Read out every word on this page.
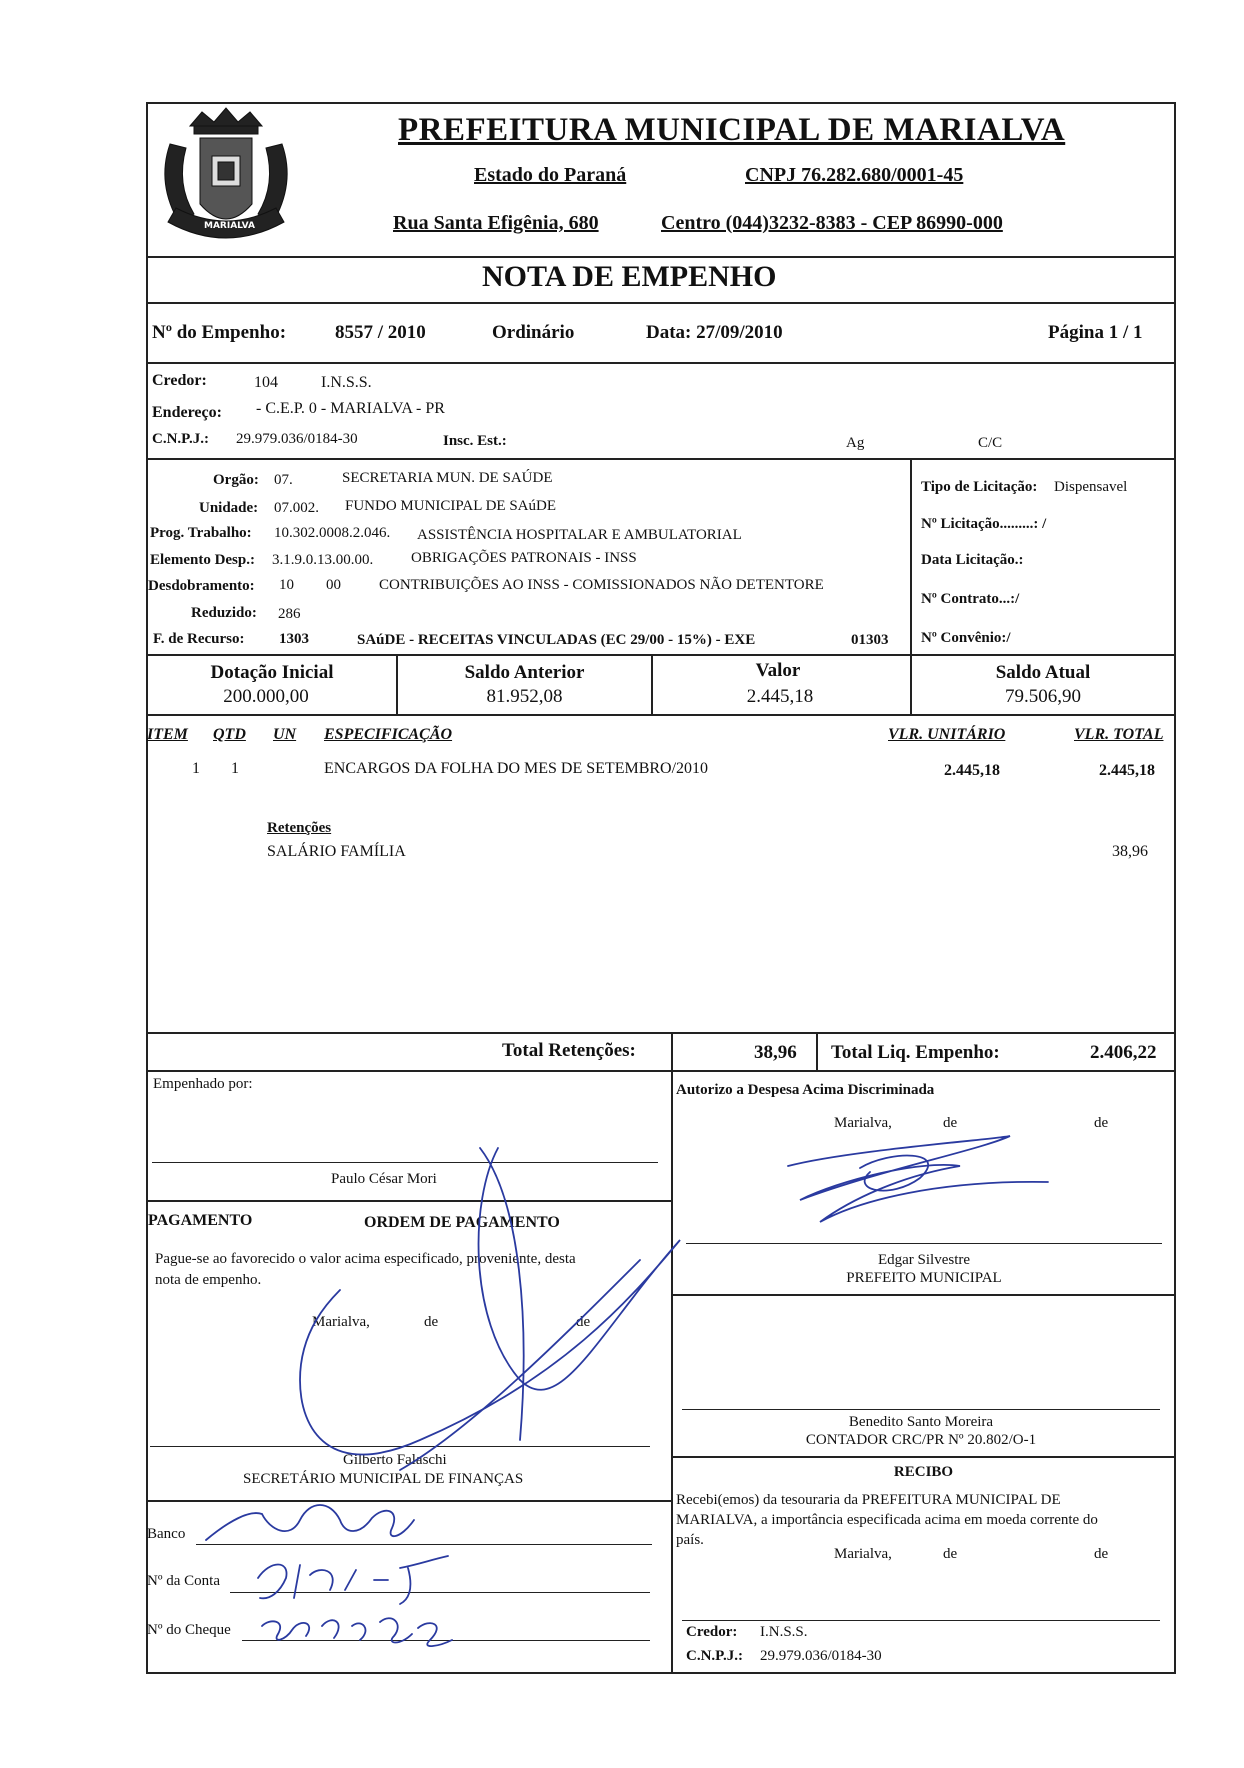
MARIALVA
PREFEITURA MUNICIPAL DE MARIALVA
Estado do Paraná	CNPJ 76.282.680/0001-45
Rua Santa Efigênia, 680	Centro (044)3232-8383 - CEP 86990-000
NOTA DE EMPENHO
Nº do Empenho:	8557 / 2010	Ordinário	Data: 27/09/2010	Página 1 / 1
Credor:	104	I.N.S.S.
Endereço: - C.E.P. 0 - MARIALVA - PR
C.N.P.J.: 29.979.036/0184-30	Insc. Est.:	Ag	C/C
Orgão: 07.	SECRETARIA MUN. DE SAÚDE
Unidade: 07.002. FUNDO MUNICIPAL DE SAúDE
Prog. Trabalho: 10.302.0008.2.046. ASSISTÊNCIA HOSPITALAR E AMBULATORIAL
Elemento Desp.: 3.1.9.0.13.00.00.	OBRIGAÇÕES PATRONAIS - INSS
Desdobramento: 10 00	CONTRIBUIÇÕES AO INSS - COMISSIONADOS NÃO DETENTORE
Reduzido: 286
F. de Recurso: 1303	SAúDE - RECEITAS VINCULADAS (EC 29/00 - 15%) - EXE	01303
Tipo de Licitação: Dispensavel
Nº Licitação.........: /
Data Licitação.:
Nº Contrato...:/
Nº Convênio:/
Dotação Inicial
200.000,00
Saldo Anterior
81.952,08
Valor
2.445,18
Saldo Atual
79.506,90
ITEM QTD UN ESPECIFICAÇÃO	VLR. UNITÁRIO	VLR. TOTAL
1 1	ENCARGOS DA FOLHA DO MES DE SETEMBRO/2010	2.445,18	2.445,18
Retenções
SALÁRIO FAMÍLIA	38,96
Total Retenções:	38,96 Total Liq. Empenho:	2.406,22
Empenhado por:
Paulo César Mori
PAGAMENTO	ORDEM DE PAGAMENTO
Pague-se ao favorecido o valor acima especificado, proveniente, desta
nota de empenho.
Marialva,	de	de
Gilberto Falaschi
SECRETÁRIO MUNICIPAL DE FINANÇAS
Banco
Nº da Conta
Nº do Cheque
Autorizo a Despesa Acima Discriminada
Marialva,	de	de
Edgar Silvestre
PREFEITO MUNICIPAL
Benedito Santo Moreira
CONTADOR CRC/PR Nº 20.802/O-1
RECIBO
Recebi(emos) da tesouraria da PREFEITURA MUNICIPAL DE
MARIALVA, a importância especificada acima em moeda corrente do
país.
Marialva,	de	de
Credor: I.N.S.S.
C.N.P.J.: 29.979.036/0184-30
